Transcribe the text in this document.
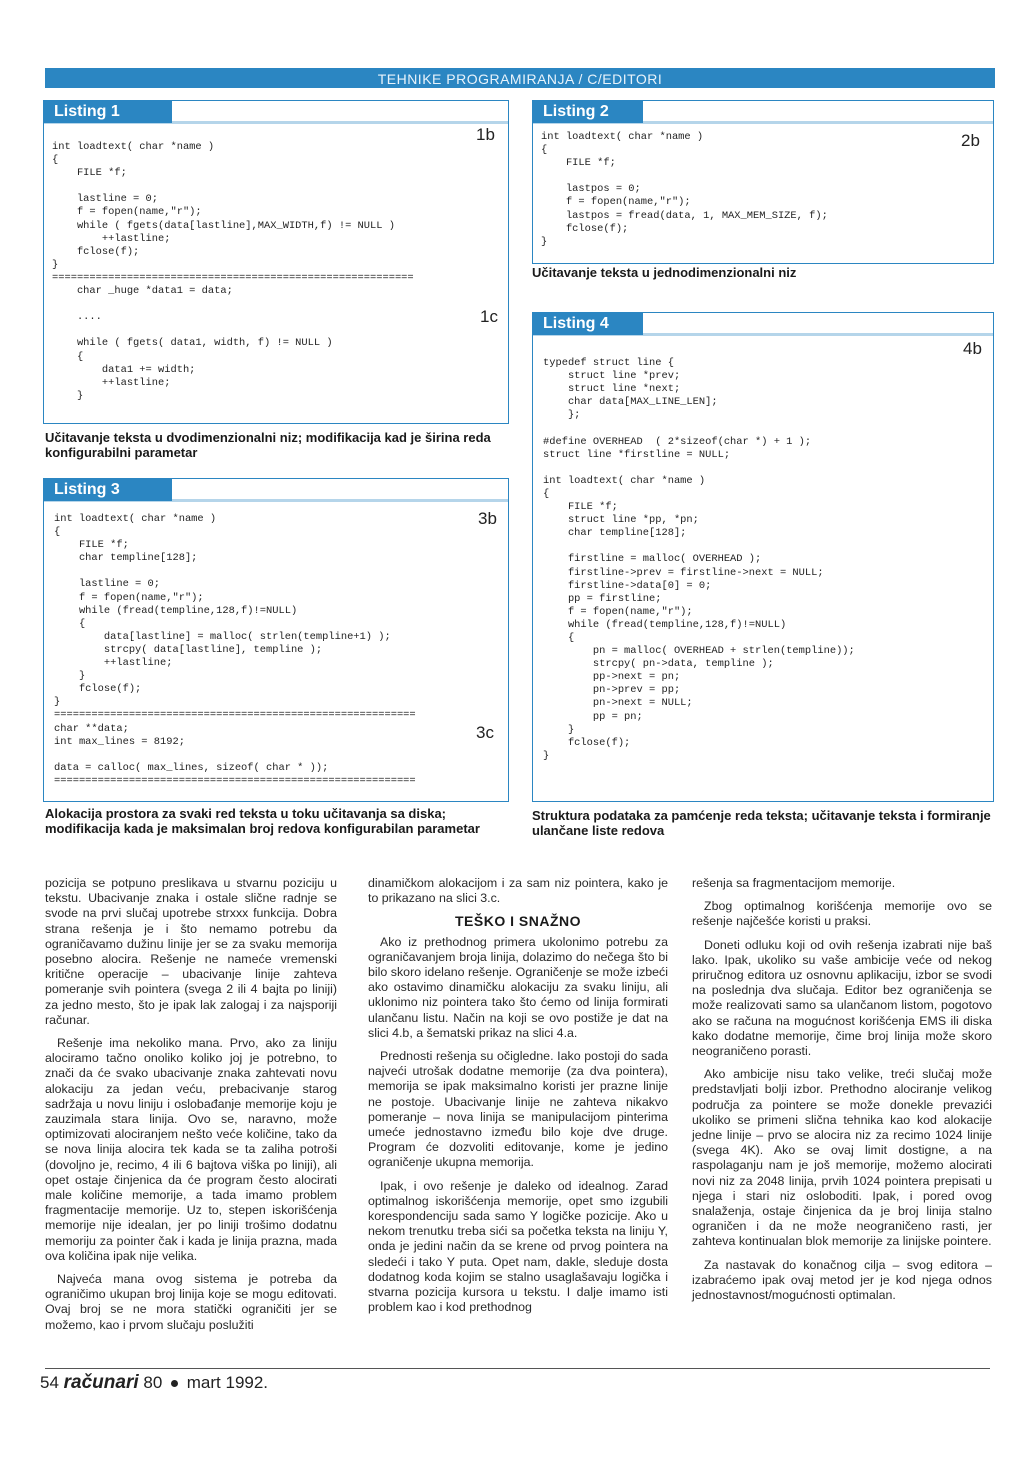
TEHNIKE PROGRAMIRANJA / C/EDITORI
Listing 1
int loadtext( char *name )
{
FILE *f;

lastline = 0;
f = fopen(name,"r");
while ( fgets(data[lastline],MAX_WIDTH,f) != NULL )
++lastline;
fclose(f);
}
==========================================================
char _huge *data1 = data;

....

while ( fgets( data1, width, f) != NULL )
{
data1 += width;
++lastline;
}
1b
1c
Učitavanje teksta u dvodimenzionalni niz; modifikacija kad je širina reda konfigurabilni parametar
Listing 2
int loadtext( char *name )
{
FILE *f;

lastpos = 0;
f = fopen(name,"r");
lastpos = fread(data, 1, MAX_MEM_SIZE, f);
fclose(f);
}
2b
Učitavanje teksta u jednodimenzionalni niz
Listing 3
int loadtext( char *name )
{
FILE *f;
char templine[128];

lastline = 0;
f = fopen(name,"r");
while (fread(templine,128,f)!=NULL)
{
data[lastline] = malloc( strlen(templine+1) );
strcpy( data[lastline], templine );
++lastline;
}
fclose(f);
}
==========================================================
char **data;
int max_lines = 8192;

data = calloc( max_lines, sizeof( char * ));
==========================================================
3b
3c
Alokacija prostora za svaki red teksta u toku učitavanja sa diska; modifikacija kada je maksimalan broj redova konfigurabilan parametar
Listing 4
typedef struct line {
struct line *prev;
struct line *next;
char data[MAX_LINE_LEN];
};

#define OVERHEAD  ( 2*sizeof(char *) + 1 );
struct line *firstline = NULL;

int loadtext( char *name )
{
FILE *f;
struct line *pp, *pn;
char templine[128];

firstline = malloc( OVERHEAD );
firstline->prev = firstline->next = NULL;
firstline->data[0] = 0;
pp = firstline;
f = fopen(name,"r");
while (fread(templine,128,f)!=NULL)
{
pn = malloc( OVERHEAD + strlen(templine));
strcpy( pn->data, templine );
pp->next = pn;
pn->prev = pp;
pn->next = NULL;
pp = pn;
}
fclose(f);
}
4b
Struktura podataka za pamćenje reda teksta; učitavanje teksta i formiranje ulančane liste redova

pozicija se potpuno preslikava u stvarnu poziciju u tekstu. Ubacivanje znaka i ostale slične radnje se svode na prvi slučaj upotrebe strxxx funkcija. Dobra strana rešenja je i što nemamo potrebu da ograničavamo dužinu linije jer se za svaku memorija posebno alocira. Rešenje ne nameće vremenski kritične operacije – ubacivanje linije zahteva pomeranje svih pointera (svega 2 ili 4 bajta po liniji) za jedno mesto, što je ipak lak zalogaj i za najsporiji računar.

Rešenje ima nekoliko mana. Prvo, ako za liniju alociramo tačno onoliko koliko joj je potrebno, to znači da će svako ubacivanje znaka zahtevati novu alokaciju za jedan veću, prebacivanje starog sadržaja u novu liniju i oslobađanje memorije koju je zauzimala stara linija. Ovo se, naravno, može optimizovati alociranjem nešto veće količine, tako da se nova linija alocira tek kada se ta zaliha potroši (dovoljno je, recimo, 4 ili 6 bajtova viška po liniji), ali opet ostaje činjenica da će program često alocirati male količine memorije, a tada imamo problem fragmentacije memorije. Uz to, stepen iskorišćenja memorije nije idealan, jer po liniji trošimo dodatnu memoriju za pointer čak i kada je linija prazna, mada ova količina ipak nije velika.

Najveća mana ovog sistema je potreba da ograničimo ukupan broj linija koje se mogu editovati. Ovaj broj se ne mora statički ograničiti jer se možemo, kao i prvom slučaju poslužiti

dinamičkom alokacijom i za sam niz pointera, kako je to prikazano na slici 3.c.

TEŠKO I SNAŽNO

Ako iz prethodnog primera ukolonimo potrebu za ograničavanjem broja linija, dolazimo do nečega što bi bilo skoro idelano rešenje. Ograničenje se može izbeći ako ostavimo dinamičku alokaciju za svaku liniju, ali uklonimo niz pointera tako što ćemo od linija formirati ulančanu listu. Način na koji se ovo postiže je dat na slici 4.b, a šematski prikaz na slici 4.a.

Prednosti rešenja su očigledne. Iako postoji do sada najveći utrošak dodatne memorije (za dva pointera), memorija se ipak maksimalno koristi jer prazne linije ne postoje. Ubacivanje linije ne zahteva nikakvo pomeranje – nova linija se manipulacijom pinterima umeće jednostavno između bilo koje dve druge. Program će dozvoliti editovanje, kome je jedino ograničenje ukupna memorija.

Ipak, i ovo rešenje je daleko od idealnog. Zarad optimalnog iskorišćenja memorije, opet smo izgubili korespondenciju sada samo Y logičke pozicije. Ako u nekom trenutku treba sići sa početka teksta na liniju Y, onda je jedini način da se krene od prvog pointera na sledeći i tako Y puta. Opet nam, dakle, sleduje dosta dodatnog koda kojim se stalno usaglašavaju logička i stvarna pozicija kursora u tekstu. I dalje imamo isti problem kao i kod prethodnog

rešenja sa fragmentacijom memorije.

Zbog optimalnog korišćenja memorije ovo se rešenje najčešće koristi u praksi.

Doneti odluku koji od ovih rešenja izabrati nije baš lako. Ipak, ukoliko su vaše ambicije veće od nekog priručnog editora uz osnovnu aplikaciju, izbor se svodi na poslednja dva slučaja. Editor bez ograničenja se može realizovati samo sa ulančanom listom, pogotovo ako se računa na mogućnost korišćenja EMS ili diska kako dodatne memorije, čime broj linija može skoro neograničeno porasti.

Ako ambicije nisu tako velike, treći slučaj može predstavljati bolji izbor. Prethodno alociranje velikog područja za pointere se može donekle prevazići ukoliko se primeni slična tehnika kao kod alokacije jedne linije – prvo se alocira niz za recimo 1024 linije (svega 4K). Ako se ovaj limit dostigne, a na raspolaganju nam je još memorije, možemo alocirati novi niz za 2048 linija, prvih 1024 pointera prepisati u njega i stari niz osloboditi. Ipak, i pored ovog snalaženja, ostaje činjenica da je broj linija stalno ograničen i da ne može neograničeno rasti, jer zahteva kontinualan blok memorije za linijske pointere.

Za nastavak do konačnog cilja – svog editora – izabraćemo ipak ovaj metod jer je kod njega odnos jednostavnost/mogućnosti optimalan.

54 računari 80 mart 1992.
